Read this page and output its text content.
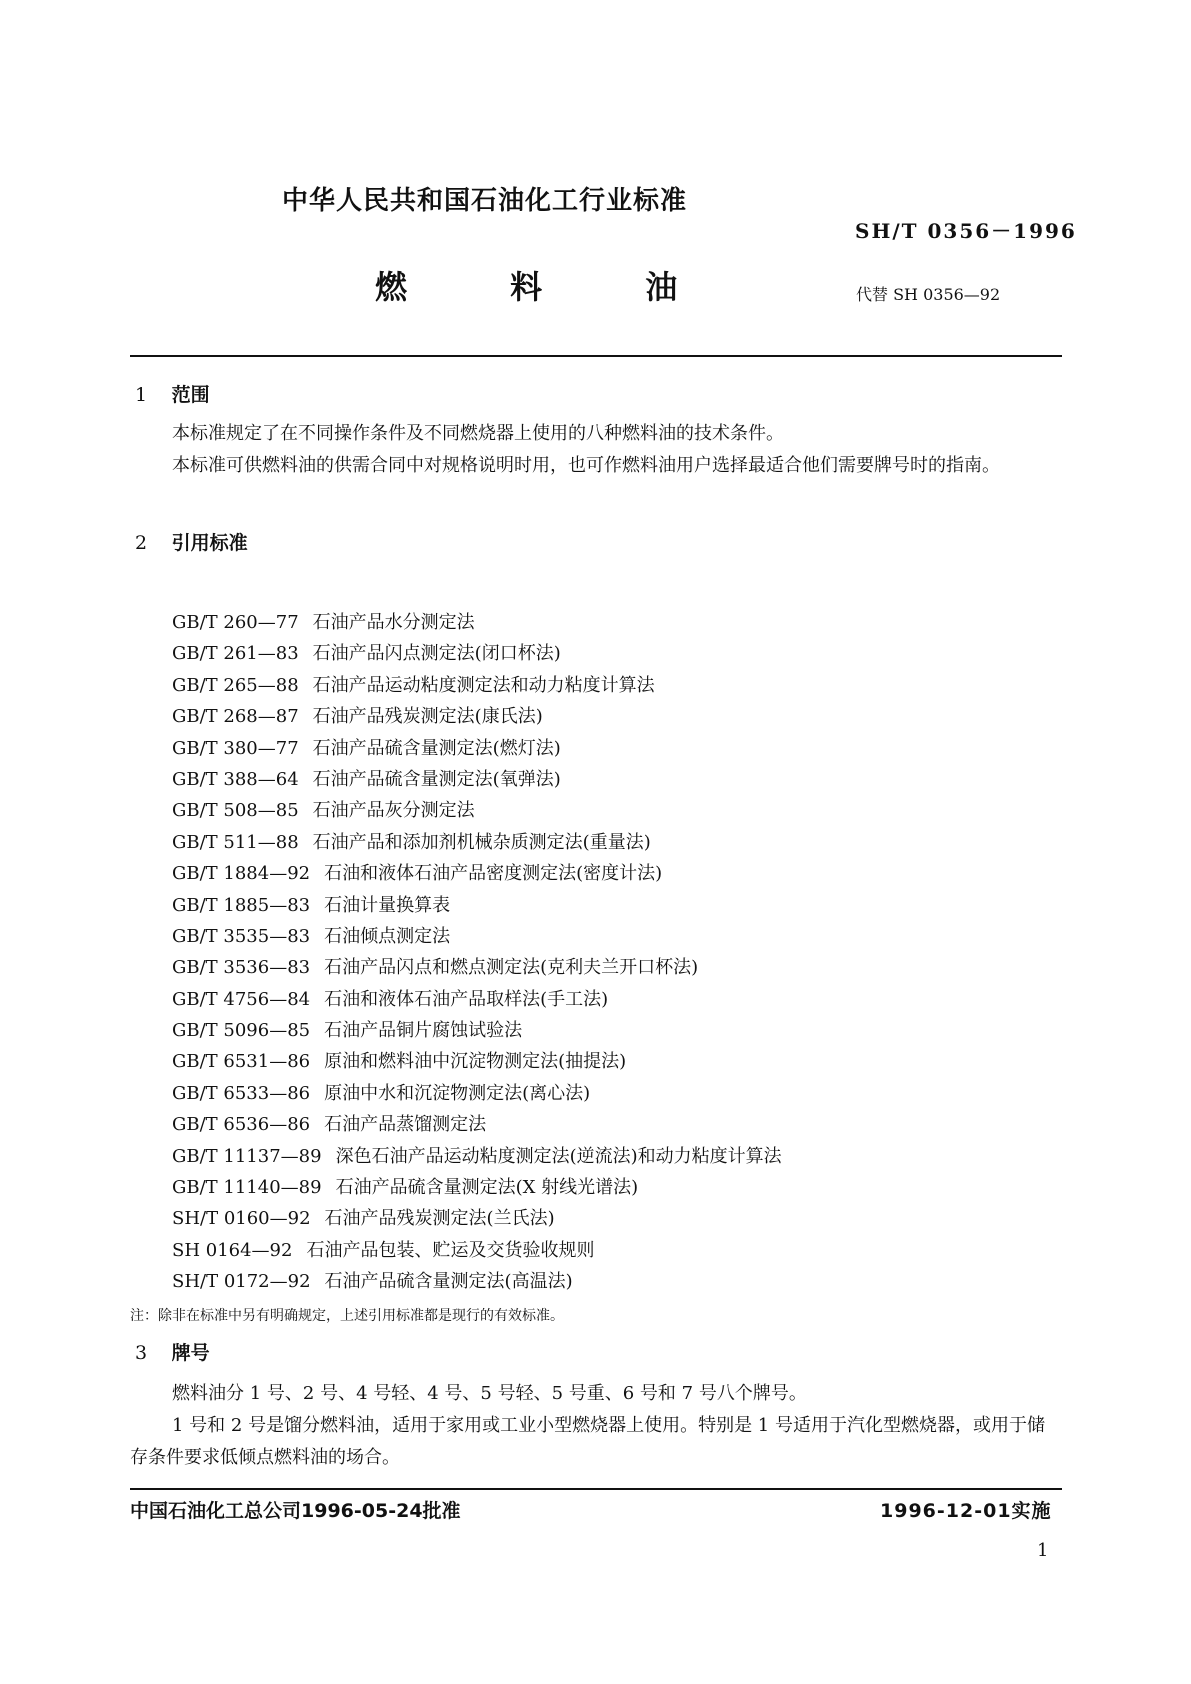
中华人民共和国石油化工行业标准
SH/T 0356－1996
燃 料 油	代替 SH 0356—92
1 范围
本标准规定了在不同操作条件及不同燃烧器上使用的八种燃料油的技术条件。
本标准可供燃料油的供需合同中对规格说明时用，也可作燃料油用户选择最适合他们需要牌号时的指南。
2 引用标准
GB/T 260—77 石油产品水分测定法
GB/T 261—83 石油产品闪点测定法(闭口杯法)
GB/T 265—88 石油产品运动粘度测定法和动力粘度计算法
GB/T 268—87 石油产品残炭测定法(康氏法)
GB/T 380—77 石油产品硫含量测定法(燃灯法)
GB/T 388—64 石油产品硫含量测定法(氧弹法)
GB/T 508—85 石油产品灰分测定法
GB/T 511—88 石油产品和添加剂机械杂质测定法(重量法)
GB/T 1884—92 石油和液体石油产品密度测定法(密度计法)
GB/T 1885—83 石油计量换算表
GB/T 3535—83 石油倾点测定法
GB/T 3536—83 石油产品闪点和燃点测定法(克利夫兰开口杯法)
GB/T 4756—84 石油和液体石油产品取样法(手工法)
GB/T 5096—85 石油产品铜片腐蚀试验法
GB/T 6531—86 原油和燃料油中沉淀物测定法(抽提法)
GB/T 6533—86 原油中水和沉淀物测定法(离心法)
GB/T 6536—86 石油产品蒸馏测定法
GB/T 11137—89 深色石油产品运动粘度测定法(逆流法)和动力粘度计算法
GB/T 11140—89 石油产品硫含量测定法(X 射线光谱法)
SH/T 0160—92 石油产品残炭测定法(兰氏法)
SH 0164—92 石油产品包装、贮运及交货验收规则
SH/T 0172—92 石油产品硫含量测定法(高温法)
注：除非在标准中另有明确规定，上述引用标准都是现行的有效标准。
3 牌号
燃料油分 1 号、2 号、4 号轻、4 号、5 号轻、5 号重、6 号和 7 号八个牌号。
1 号和 2 号是馏分燃料油，适用于家用或工业小型燃烧器上使用。特别是 1 号适用于汽化型燃烧器，或用于储存条件要求低倾点燃料油的场合。
中国石油化工总公司1996-05-24批准	1996-12-01实施
1
